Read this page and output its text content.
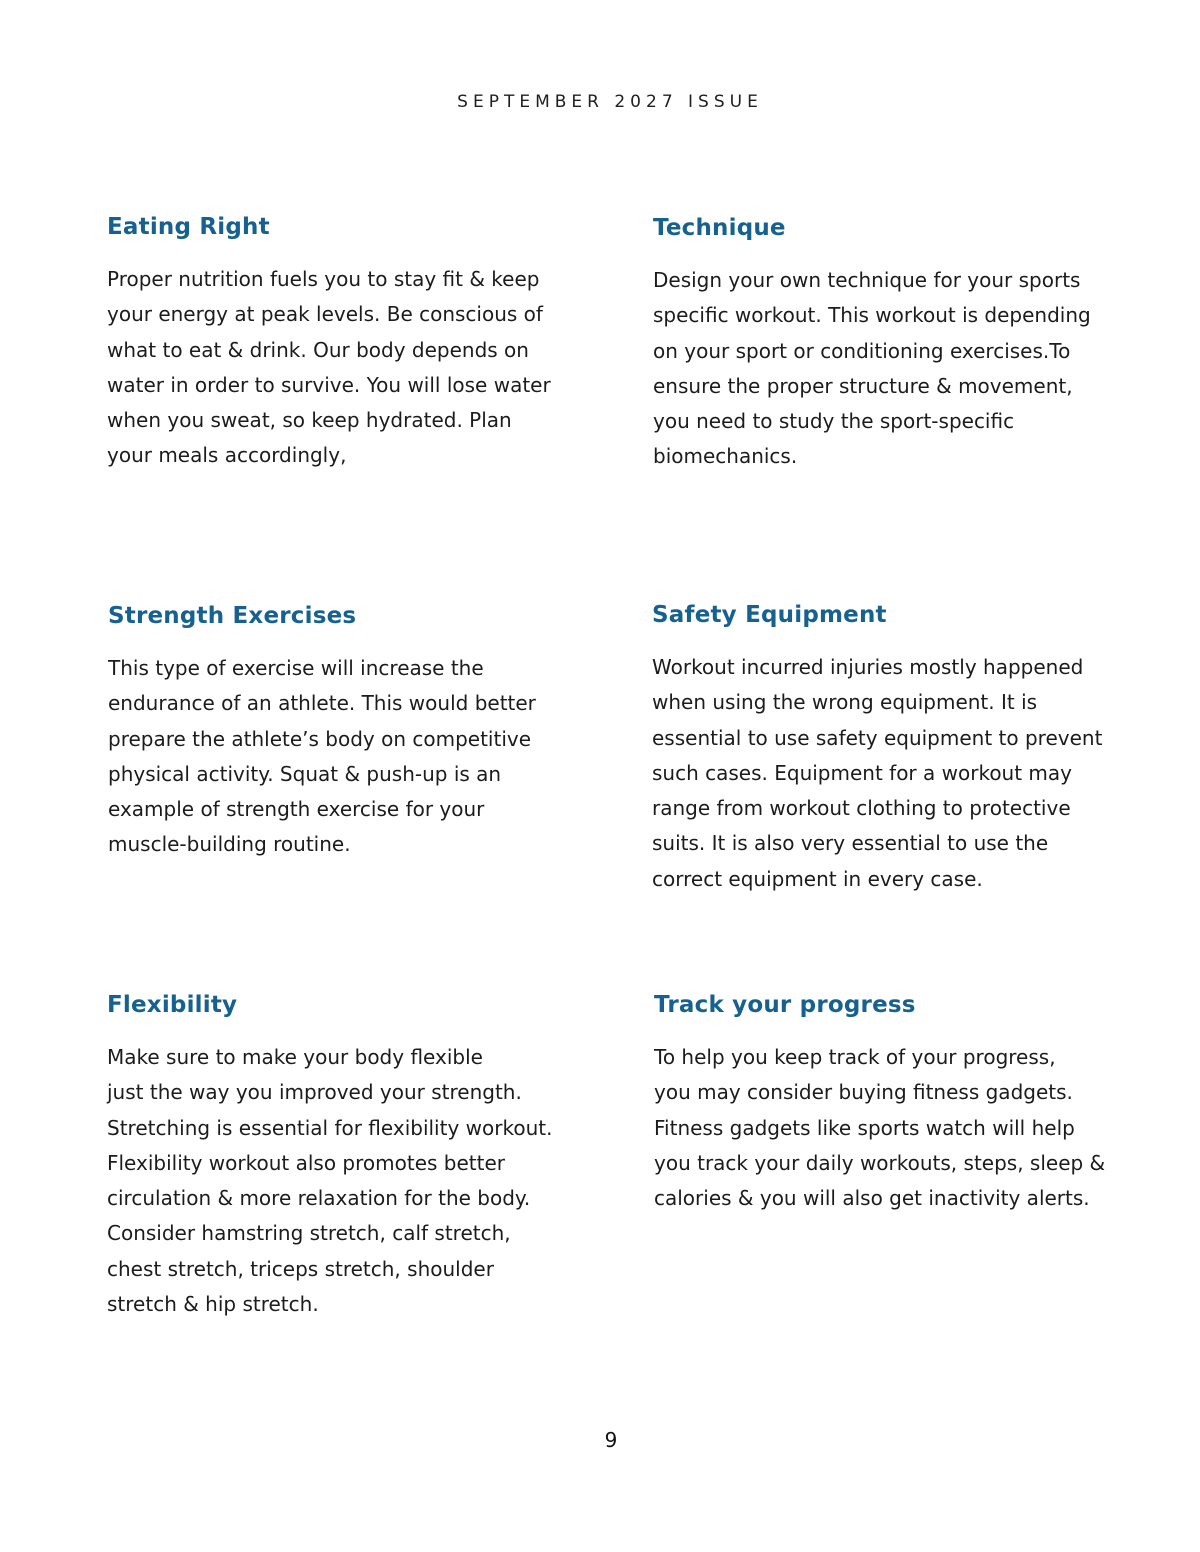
SEPTEMBER 2027 ISSUE
Eating Right

Proper nutrition fuels you to stay fit & keep
your energy at peak levels. Be conscious of
what to eat & drink. Our body depends on
water in order to survive. You will lose water
when you sweat, so keep hydrated. Plan
your meals accordingly,

Technique

Design your own technique for your sports
specific workout. This workout is depending
on your sport or conditioning exercises.To
ensure the proper structure & movement,
you need to study the sport-specific
biomechanics.

Strength Exercises

This type of exercise will increase the
endurance of an athlete. This would better
prepare the athlete’s body on competitive
physical activity. Squat & push-up is an
example of strength exercise for your
muscle-building routine.

Safety Equipment

Workout incurred injuries mostly happened
when using the wrong equipment. It is
essential to use safety equipment to prevent
such cases. Equipment for a workout may
range from workout clothing to protective
suits. It is also very essential to use the
correct equipment in every case.

Flexibility

Make sure to make your body flexible
just the way you improved your strength.
Stretching is essential for flexibility workout.
Flexibility workout also promotes better
circulation & more relaxation for the body.
Consider hamstring stretch, calf stretch,
chest stretch, triceps stretch, shoulder
stretch & hip stretch.

Track your progress

To help you keep track of your progress,
you may consider buying fitness gadgets.
Fitness gadgets like sports watch will help
you track your daily workouts, steps, sleep &
calories & you will also get inactivity alerts.

9
